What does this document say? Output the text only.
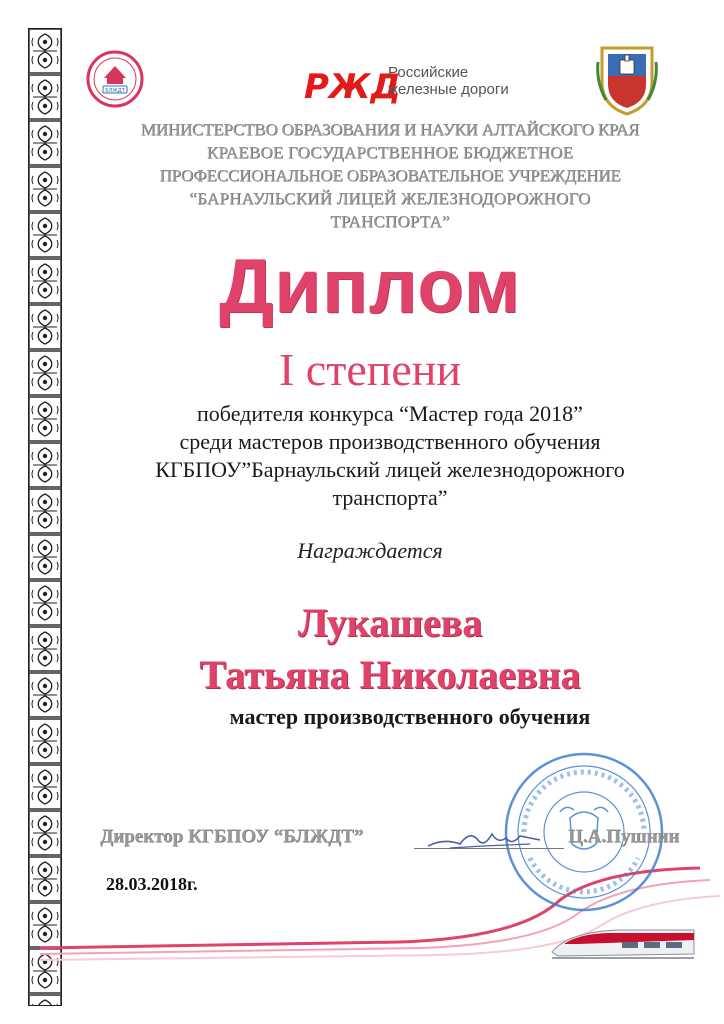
БЛЖДТ	РЖД
Российские
железные дороги
МИНИСТЕРСТВО ОБРАЗОВАНИЯ И НАУКИ АЛТАЙСКОГО КРАЯ
КРАЕВОЕ ГОСУДАРСТВЕННОЕ БЮДЖЕТНОЕ
ПРОФЕССИОНАЛЬНОЕ ОБРАЗОВАТЕЛЬНОЕ УЧРЕЖДЕНИЕ
“БАРНАУЛЬСКИЙ ЛИЦЕЙ ЖЕЛЕЗНОДОРОЖНОГО
ТРАНСПОРТА”
Диплом
I степени
победителя конкурса “Мастер года 2018”
среди мастеров производственного обучения
КГБПОУ”Барнаульский лицей железнодорожного
транспорта”
Награждается
Лукашева
Татьяна Николаевна
мастер производственного обучения
Директор КГБПОУ “БЛЖДТ”	Ц.А.Пушнин
28.03.2018г.
